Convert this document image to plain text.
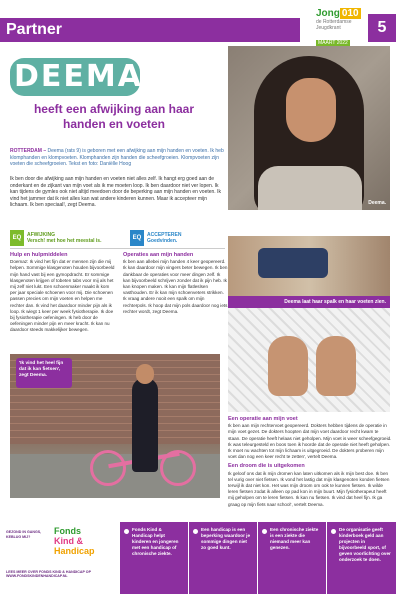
Partner
Jong 010
de Rotterdamse Jeugdkrant
MAART 2022
5
DEEMA
heeft een afwijking aan haar handen en voeten
ROTTERDAM – Deema (rats 9) is geboren met een afwijking aan mijn handen en voeten. Ik heb klomphanden en klompvoeten. Klomphanden zijn handen die scheefgroeien. Klompvoeten zijn voeten die scheefgroeien. Tekst en foto: Daniëlle Hoog
Ik ben door die afwijking aan mijn handen en voeten niet alles zelf. Ik hangt erg goed aan de onderkant en de zijkant van mijn voet als ik me moeten loop. Ik ben daardoor niet ver lopen. Ik kan tijdens de gymles ook niet altijd meedoen door de beperking aan mijn handen en voeten. Ik vind het jammer dat ik niet alles kan wat andere kinderen kunnen. Maar ik accepteer mijn lichaam. Ik ben speciaal!, zegt Deema.	Deema.
EQ	AFWIJKING
Versch! met hoe het meestal is.	EQ	ACCEPTEREN
Goedvinden.
Hulp en hulpmiddelen

Doemaz: Ik vind het fijn dat er mensen zijn die mij helpen. Sommige klasgenoten houden bijvoorbeeld mijn hand vast bij een gymopdracht. Er sommige klasgenoten krijgen of tobeten tabs voor mij als het mij zelf niet lukt. Een schoenmaker maakt ik kom per jaar speciale schoenen voor mij. Die schoenen passen precies om mijn voeten en helpen me rechter dan. Ik vind het daardoor minder pijn als ik loop. Ik wiegt 1 keer per week fysiotherapie. Ik doe bij fysiotherapie oefeningen. Ik heb door de oefeningen minder pijn en meer kracht. Ik kan nu daardoor steeds makkelijker bewegen.

Operaties aan mijn handen

Ik ben aan allebei mijn handen 4 keer geopereerd. Ik kan daardoor mijn vingers beter bewegen. Ik ben dankbaar de operaties voor meer dingen zelf. Ik kan bijvoorbeeld schrijven zonder dat ik pijn heb. Ik kan knopen maken. Ik kan mijn flatleslsen vasthouden. Er ik kan mijn schoenveters strikken. Ik vraag andere nooit een spalk om mijn rechterpols. Ik hoop dat mijn pols daardoor nog iets rechter wordt, zegt Deema.

Deema laat haar spalk en haar voeten zien.
'Ik vind het heel fijn dat ik kan fietsen', zegt Deema.
Een operatie aan mijn voet

Ik ben aan mijn rechtervoet geopereerd. Dokters hebben tijdens de operatie in mijn voet gezet. De dokters hoopten dat mijn voet daardoor recht kwam te staan. De operatie heeft helaas niet geholpen. Mijn voet is weer scheefgegroeid. Ik was teleurgesteld en boos toen ik hoorde dat de operatie niet heeft geholpen. Ik moet nu wachten tot mijn lichaam is uitgegroeid. De dokters proberen mijn voet dan nog een keer recht te zetten', vertelt Deema.

Een droom die is uitgekomen

Ik geloof ons dat ik mijn dromen kan laten uitkomen als ik mijn best doe. Ik ben tel vurig over niet fietsen. Ik vond het lastig dat mijn klasgenoten konden fietsen terwijl ik dat niet kon. Het was mijn droom om ook te kunnen fietsen. Ik wilde leren fietsen zodat ik alleen op pad kon in mijn buurt. Mijn fysiotherapeut heeft mij geholpen om te leren fietsen. Ik kan nu fietsen. Ik vind dat heel fijn. Ik ga graag op mijn fiets naar school', vertelt Deema.

GEZOND IN GANGS, KEBLUG MIJ?
Fonds
Kind &
Handicap
LEES MEER OVER FONDS KIND & HANDICAP OP WWW.FONDSKINDENHANDICAP.NL
Fonds Kind & Handicap helpt kinderen en jongeren met een handicap of chronische ziekte.
Een handicap is een beperking waardoor je sommige dingen niet zo goed kunt.
Een chronische ziekte is een ziekte die niemand meer kan genezen.
De organisatie geeft kinderboek geld aan projecten in bijvoorbeeld sport, of geven voorlichting over onderzoek te doen.
